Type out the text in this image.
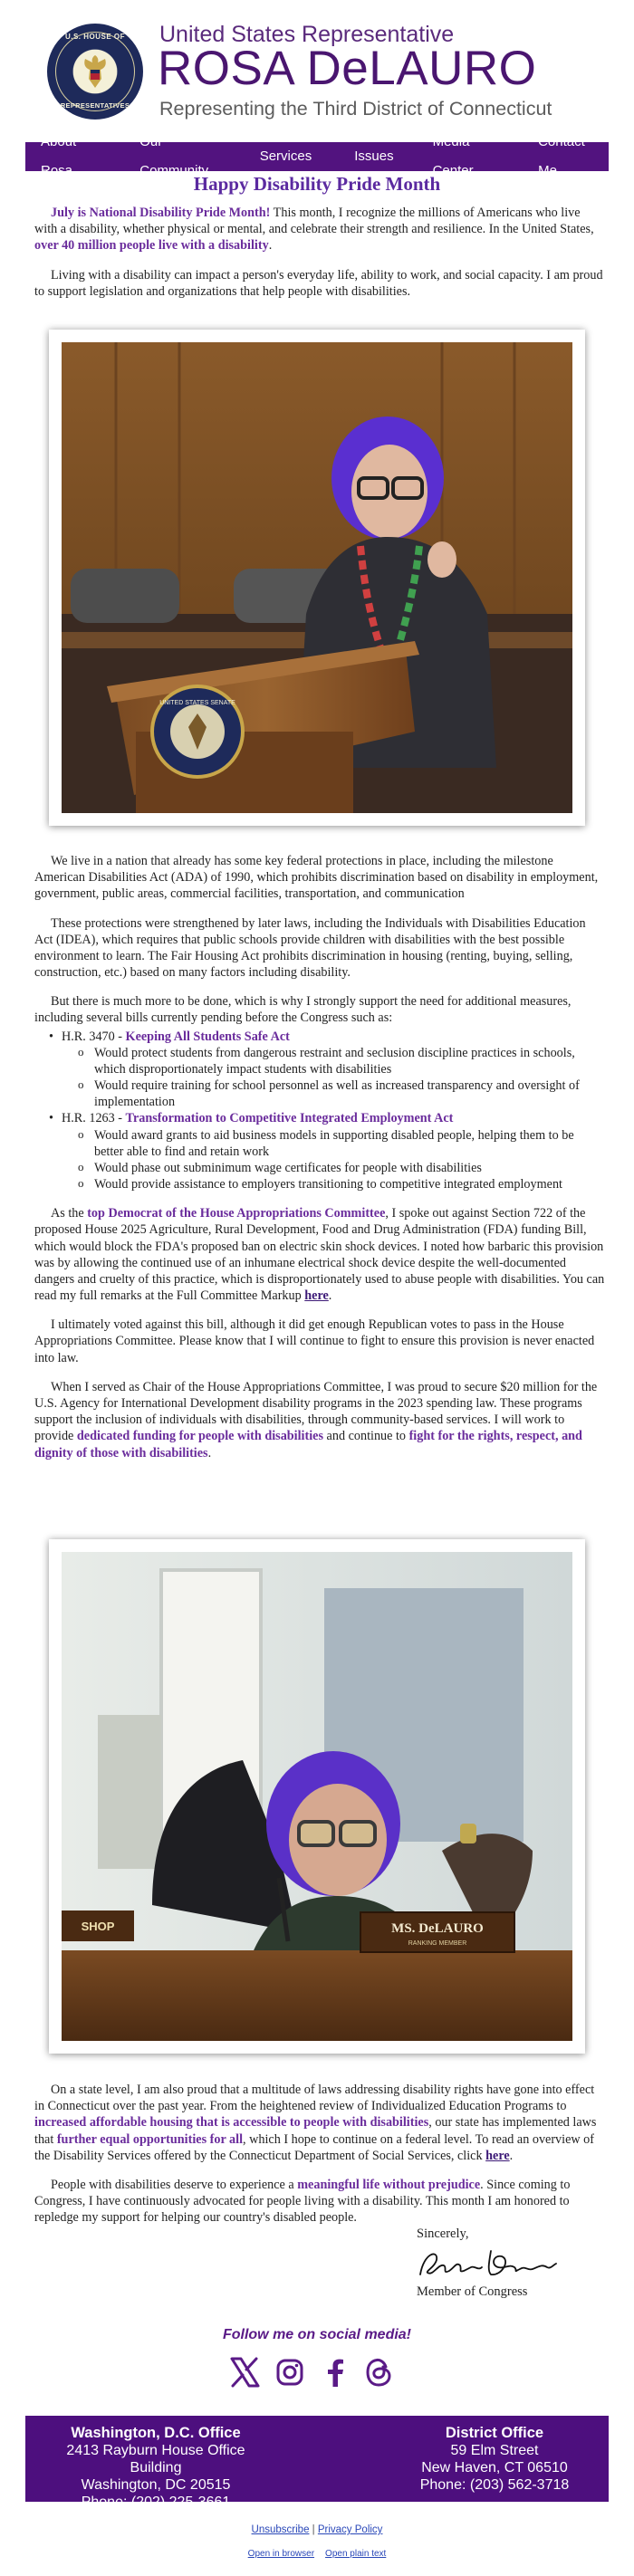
U.S. HOUSE OF
REPRESENTATIVES
United States Representative
ROSA DeLAURO
Representing the Third District of Connecticut
About Rosa
Our Community
Services	Issues
Media Center
Contact Me
Happy Disability Pride Month

July is National Disability Pride Month! This month, I recognize the millions of Americans who live with a disability, whether physical or mental, and celebrate their strength and resilience. In the United States, over 40 million people live with a disability.

Living with a disability can impact a person's everyday life, ability to work, and social capacity. I am proud to support legislation and organizations that help people with disabilities.

UNITED STATES SENATE

We live in a nation that already has some key federal protections in place, including the milestone American Disabilities Act (ADA) of 1990, which prohibits discrimination based on disability in employment, government, public areas, commercial facilities, transportation, and communication

These protections were strengthened by later laws, including the Individuals with Disabilities Education Act (IDEA), which requires that public schools provide children with disabilities with the best possible environment to learn. The Fair Housing Act prohibits discrimination in housing (renting, buying, selling, construction, etc.) based on many factors including disability.

But there is much more to be done, which is why I strongly support the need for additional measures, including several bills currently pending before the Congress such as:

• H.R. 3470 - Keeping All Students Safe Act
o Would protect students from dangerous restraint and seclusion discipline practices in schools, which disproportionately impact students with disabilities
o Would require training for school personnel as well as increased transparency and oversight of implementation
• H.R. 1263 - Transformation to Competitive Integrated Employment Act
o Would award grants to aid business models in supporting disabled people, helping them to be better able to find and retain work
o Would phase out subminimum wage certificates for people with disabilities
o Would provide assistance to employers transitioning to competitive integrated employment

As the top Democrat of the House Appropriations Committee, I spoke out against Section 722 of the proposed House 2025 Agriculture, Rural Development, Food and Drug Administration (FDA) funding Bill, which would block the FDA's proposed ban on electric skin shock devices. I noted how barbaric this provision was by allowing the continued use of an inhumane electrical shock device despite the well-documented dangers and cruelty of this practice, which is disproportionately used to abuse people with disabilities. You can read my full remarks at the Full Committee Markup here.

I ultimately voted against this bill, although it did get enough Republican votes to pass in the House Appropriations Committee. Please know that I will continue to fight to ensure this provision is never enacted into law.

When I served as Chair of the House Appropriations Committee, I was proud to secure $20 million for the U.S. Agency for International Development disability programs in the 2023 spending law. These programs support the inclusion of individuals with disabilities, through community-based services. I will work to provide dedicated funding for people with disabilities and continue to fight for the rights, respect, and dignity of those with disabilities.

SHOP	MS. DeLAURO
RANKING MEMBER

On a state level, I am also proud that a multitude of laws addressing disability rights have gone into effect in Connecticut over the past year. From the heightened review of Individualized Education Programs to increased affordable housing that is accessible to people with disabilities, our state has implemented laws that further equal opportunities for all, which I hope to continue on a federal level. To read an overview of the Disability Services offered by the Connecticut Department of Social Services, click here.

People with disabilities deserve to experience a meaningful life without prejudice. Since coming to Congress, I have continuously advocated for people living with a disability. This month I am honored to repledge my support for helping our country's disabled people.

Sincerely,
Member of Congress
Follow me on social media!
Washington, D.C. Office
2413 Rayburn House Office Building
Washington, DC 20515
Phone: (202) 225-3661
District Office
59 Elm Street
New Haven, CT 06510
Phone: (203) 562-3718
Unsubscribe | Privacy Policy
Open in browser Open plain text
